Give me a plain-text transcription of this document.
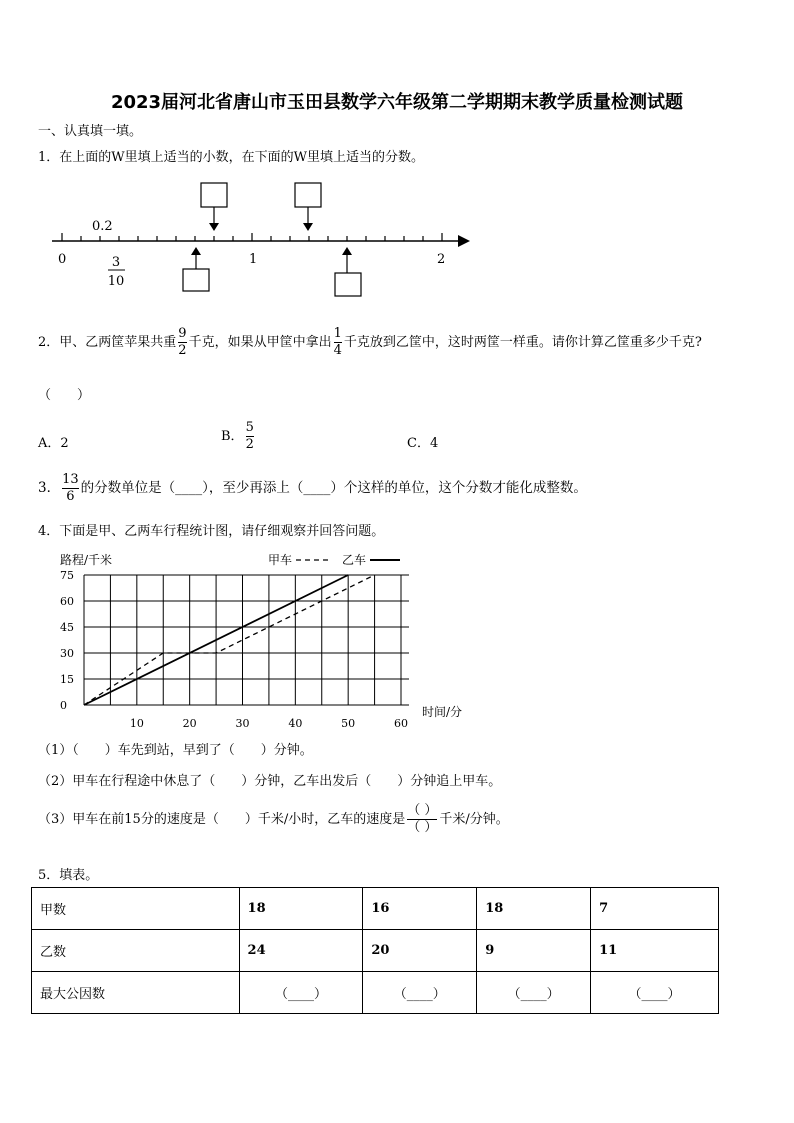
2023届河北省唐山市玉田县数学六年级第二学期期末教学质量检测试题
一、认真填一填。
1．在上面的W里填上适当的小数，在下面的W里填上适当的分数。
0.2
0	1	2
3
10
2．甲、乙两筐苹果共重 $\frac{9}{2}$ 千克，如果从甲筐中拿出 $\frac{1}{4}$ 千克放到乙筐中，这时两筐一样重。请你计算乙筐重多少千克?
（　　）
A．2	B． $\frac{5}{2}$	C．4
3． $\frac{13}{6}$ 的分数单位是（____），至少再添上（____）个这样的单位，这个分数才能化成整数。
4．下面是甲、乙两车行程统计图，请仔细观察并回答问题。
路程/千米	甲车	乙车
0
15
30
45
60
75
10	20	30	40	50	60
时间/分
（1）（　　）车先到站，早到了（　　）分钟。
（2）甲车在行程途中休息了（　　）分钟，乙车出发后（　　）分钟追上甲车。
（3）甲车在前15分的速度是（　　）千米/小时，乙车的速度是 $\frac{( )}{( )}$ 千米/分钟。
5．填表。
甲数	18	16	18	7
乙数	24	20	9	11
最大公因数	（____）	（____）	（____）	（____）
